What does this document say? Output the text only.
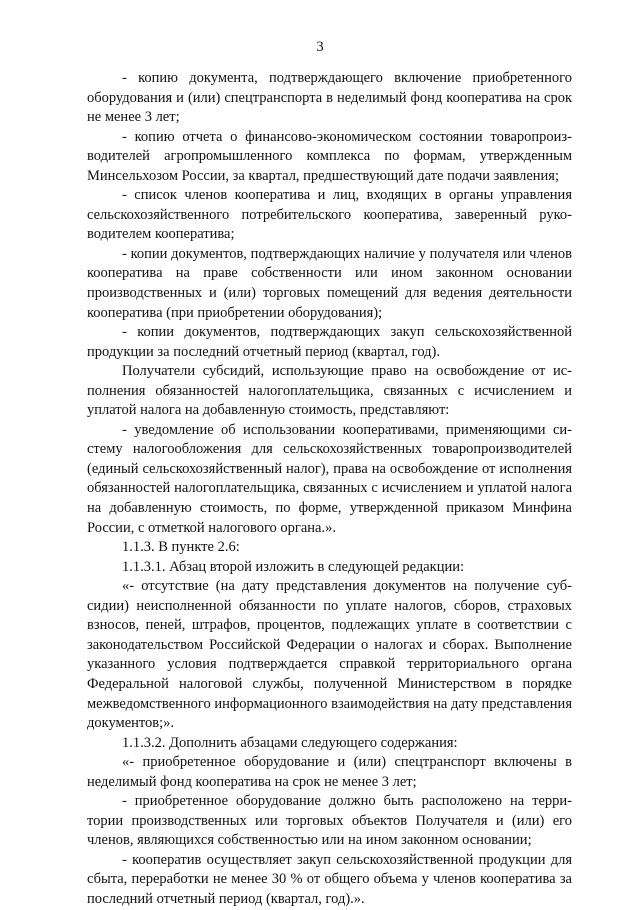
3

- копию документа, подтверждающего включение приобретенного оборудования и (или) спецтранспорта в неделимый фонд кооператива на срок не менее 3 лет;

- копию отчета о финансово-экономическом состоянии товаропроизводителей агропромышленного комплекса по формам, утвержденным Минсельхозом России, за квартал, предшествующий дате подачи заявления;

- список членов кооператива и лиц, входящих в органы управления сельскохозяйственного потребительского кооператива, заверенный руководителем кооператива;

- копии документов, подтверждающих наличие у получателя или членов кооператива на праве собственности или ином законном основании производственных и (или) торговых помещений для ведения деятельности кооператива (при приобретении оборудования);

- копии документов, подтверждающих закуп сельскохозяйственной продукции за последний отчетный период (квартал, год).

Получатели субсидий, использующие право на освобождение от исполнения обязанностей налогоплательщика, связанных с исчислением и уплатой налога на добавленную стоимость, представляют:

- уведомление об использовании кооперативами, применяющими систему налогообложения для сельскохозяйственных товаропроизводителей (единый сельскохозяйственный налог), права на освобождение от исполнения обязанностей налогоплательщика, связанных с исчислением и уплатой налога на добавленную стоимость, по форме, утвержденной приказом Минфина России, с отметкой налогового органа.».

1.1.3. В пункте 2.6:

1.1.3.1. Абзац второй изложить в следующей редакции:

«- отсутствие (на дату представления документов на получение субсидии) неисполненной обязанности по уплате налогов, сборов, страховых взносов, пеней, штрафов, процентов, подлежащих уплате в соответствии с законодательством Российской Федерации о налогах и сборах. Выполнение указанного условия подтверждается справкой территориального органа Федеральной налоговой службы, полученной Министерством в порядке межведомственного информационного взаимодействия на дату представления документов;».

1.1.3.2. Дополнить абзацами следующего содержания:

«- приобретенное оборудование и (или) спецтранспорт включены в неделимый фонд кооператива на срок не менее 3 лет;

- приобретенное оборудование должно быть расположено на территории производственных или торговых объектов Получателя и (или) его членов, являющихся собственностью или на ином законном основании;

- кооператив осуществляет закуп сельскохозяйственной продукции для сбыта, переработки не менее 30 % от общего объема у членов кооператива за последний отчетный период (квартал, год).».
